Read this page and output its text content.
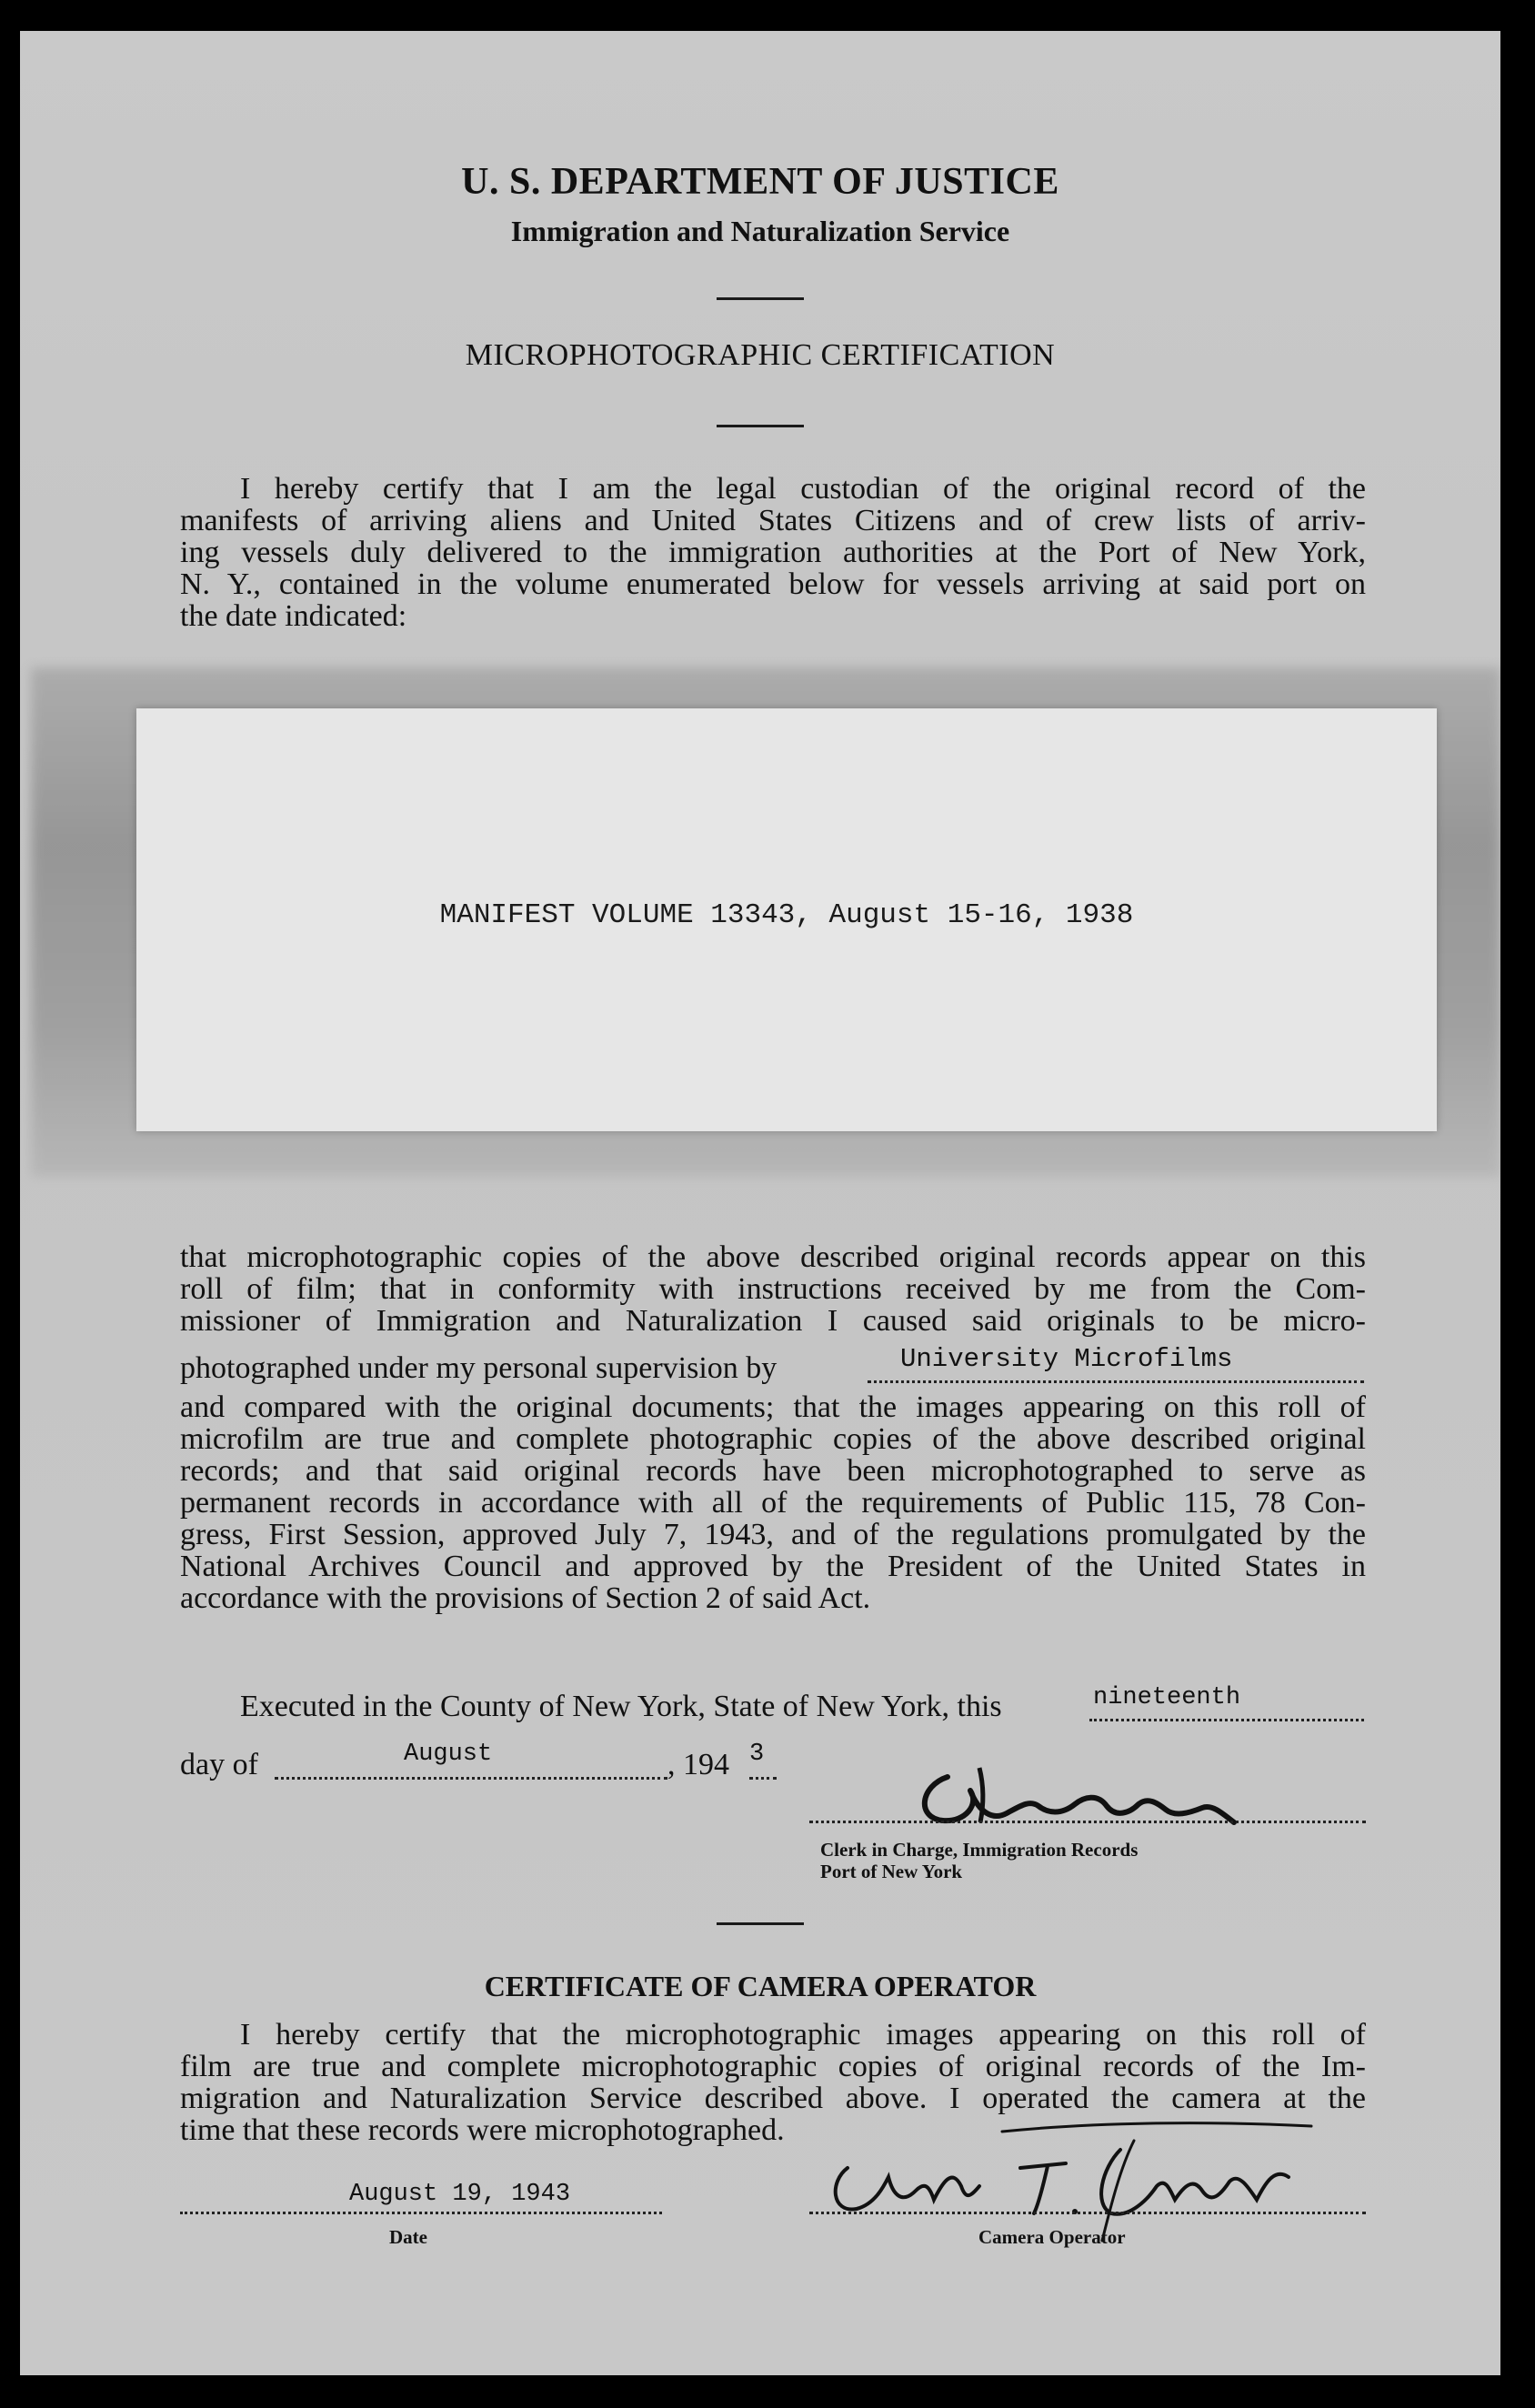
U. S. DEPARTMENT OF JUSTICE
Immigration and Naturalization Service
MICROPHOTOGRAPHIC CERTIFICATION
I hereby certify that I am the legal custodian of the original record of the
manifests of arriving aliens and United States Citizens and of crew lists of arriv-
ing vessels duly delivered to the immigration authorities at the Port of New York,
N. Y., contained in the volume enumerated below for vessels arriving at said port on
the date indicated:
MANIFEST VOLUME 13343, August 15-16, 1938
that microphotographic copies of the above described original records appear on this
roll of film; that in conformity with instructions received by me from the Com-
missioner of Immigration and Naturalization I caused said originals to be micro-
photographed under my personal supervision by	University Microfilms
and compared with the original documents; that the images appearing on this roll of
microfilm are true and complete photographic copies of the above described original
records; and that said original records have been microphotographed to serve as
permanent records in accordance with all of the requirements of Public 115, 78 Con-
gress, First Session, approved July 7, 1943, and of the regulations promulgated by the
National Archives Council and approved by the President of the United States in
accordance with the provisions of Section 2 of said Act.
Executed in the County of New York, State of New York, this	nineteenth
day of	August	, 194 3
Clerk in Charge, Immigration Records
Port of New York
CERTIFICATE OF CAMERA OPERATOR
I hereby certify that the microphotographic images appearing on this roll of
film are true and complete microphotographic copies of original records of the Im-
migration and Naturalization Service described above. I operated the camera at the
time that these records were microphotographed.
August 19, 1943
Date	Camera Operator
